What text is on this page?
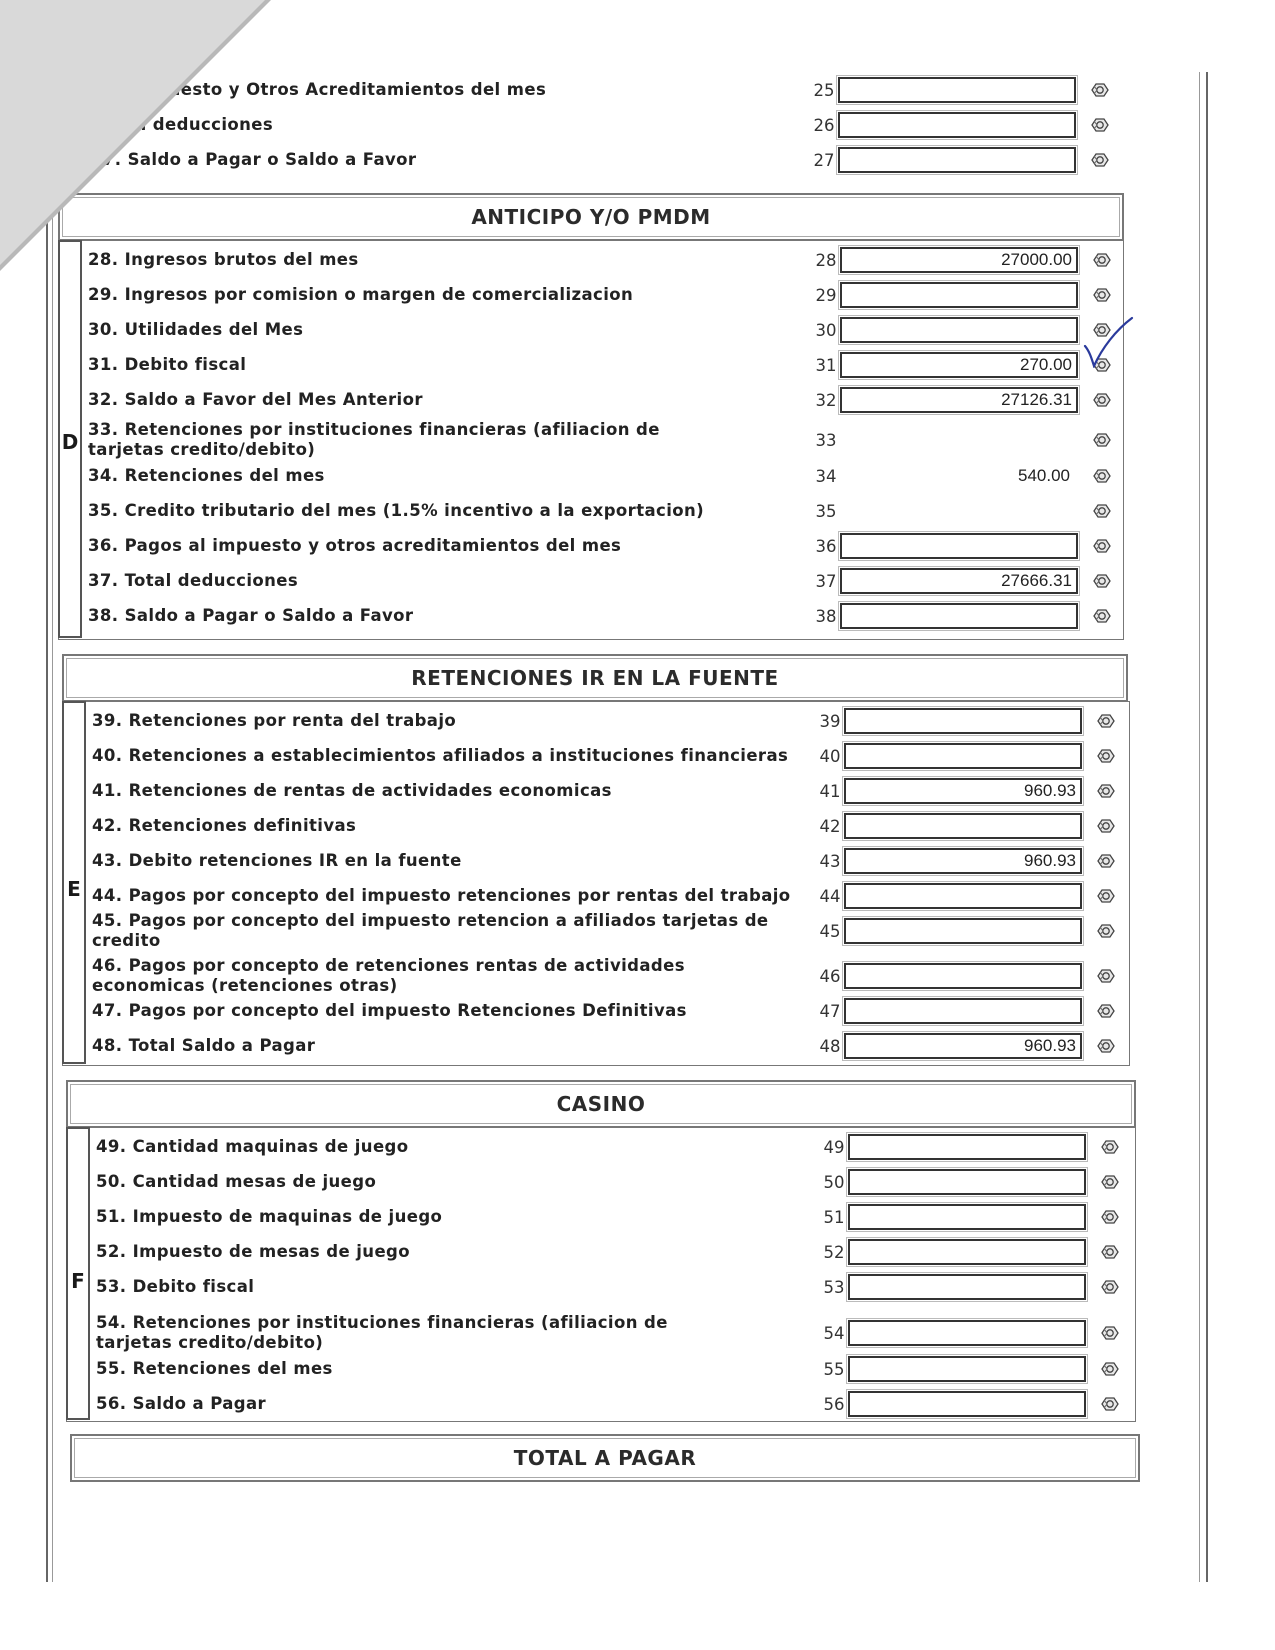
… al impuesto y Otros Acreditamientos del mes	25
… otal deducciones	26
…7. Saldo a Pagar o Saldo a Favor	27
ANTICIPO Y/O PMDM
D
28. Ingresos brutos del mes	28	27000.00
29. Ingresos por comision o margen de comercializacion	29
30. Utilidades del Mes	30
31. Debito fiscal	31	270.00
32. Saldo a Favor del Mes Anterior	32	27126.31
33. Retenciones por instituciones financieras (afiliacion de tarjetas credito/debito)	33
34. Retenciones del mes	34	540.00
35. Credito tributario del mes (1.5% incentivo a la exportacion)	35
36. Pagos al impuesto y otros acreditamientos del mes	36
37. Total deducciones	37	27666.31
38. Saldo a Pagar o Saldo a Favor	38
RETENCIONES IR EN LA FUENTE
E
39. Retenciones por renta del trabajo	39
40. Retenciones a establecimientos afiliados a instituciones financieras	40
41. Retenciones de rentas de actividades economicas	41	960.93
42. Retenciones definitivas	42
43. Debito retenciones IR en la fuente	43	960.93
44. Pagos por concepto del impuesto retenciones por rentas del trabajo	44
45. Pagos por concepto del impuesto retencion a afiliados tarjetas de credito	45
46. Pagos por concepto de retenciones rentas de actividades economicas (retenciones otras)	46
47. Pagos por concepto del impuesto Retenciones Definitivas	47
48. Total Saldo a Pagar	48	960.93
CASINO
F
49. Cantidad maquinas de juego	49
50. Cantidad mesas de juego	50
51. Impuesto de maquinas de juego	51
52. Impuesto de mesas de juego	52
53. Debito fiscal	53
54. Retenciones por instituciones financieras (afiliacion de tarjetas credito/debito)	54
55. Retenciones del mes	55
56. Saldo a Pagar	56
TOTAL A PAGAR
